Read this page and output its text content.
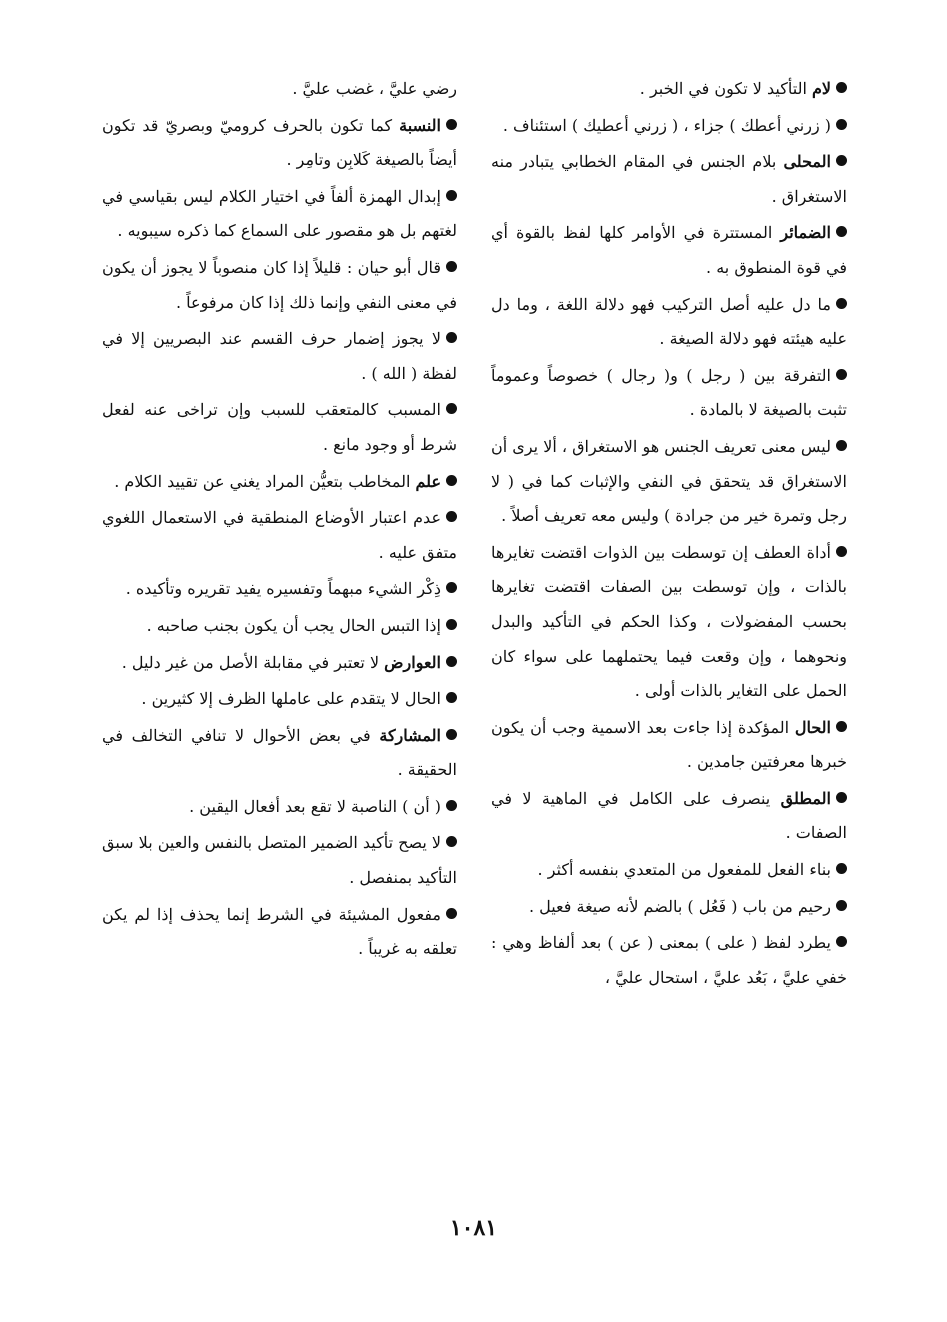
لام التأكيد لا تكون في الخبر .

( زرني أعطك ) جزاء ، ( زرني أعطيك ) استئناف .

المحلى بلام الجنس في المقام الخطابي يتبادر منه الاستغراق .

الضمائر المستترة في الأوامر كلها لفظ بالقوة أي في قوة المنطوق به .

ما دل عليه أصل التركيب فهو دلالة اللغة ، وما دل عليه هيئته فهو دلالة الصيغة .

التفرقة بين ( رجل ) و( رجال ) خصوصاً وعموماً تثبت بالصيغة لا بالمادة .

ليس معنى تعريف الجنس هو الاستغراق ، ألا يرى أن الاستغراق قد يتحقق في النفي والإثبات كما في ( لا رجل وتمرة خير من جرادة ) وليس معه تعريف أصلاً .

أداة العطف إن توسطت بين الذوات اقتضت تغايرها بالذات ، وإن توسطت بين الصفات اقتضت تغايرها بحسب المفضولات ، وكذا الحكم في التأكيد والبدل ونحوهما ، وإن وقعت فيما يحتملهما على سواء كان الحمل على التغاير بالذات أولى .

الحال المؤكدة إذا جاءت بعد الاسمية وجب أن يكون خبرها معرفتين جامدين .

المطلق ينصرف على الكامل في الماهية لا في الصفات .

بناء الفعل للمفعول من المتعدي بنفسه أكثر .

رحيم من باب ( فَعُل ) بالضم لأنه صيغة فعيل .

يطرد لفظ ( على ) بمعنى ( عن ) بعد ألفاظ وهي : خفي عليَّ ، بَعُد عليَّ ، استحال عليَّ ،

رضي عليَّ ، غضب عليَّ .

النسبة كما تكون بالحرف كروميّ وبصريّ قد تكون أيضاً بالصيغة كَلابِن وتامِر .

إبدال الهمزة ألفاً في اختيار الكلام ليس بقياسي في لغتهم بل هو مقصور على السماع كما ذكره سيبويه .

قال أبو حيان : قليلاً إذا كان منصوباً لا يجوز أن يكون في معنى النفي وإنما ذلك إذا كان مرفوعاً .

لا يجوز إضمار حرف القسم عند البصريين إلا في لفظة ( الله ) .

المسبب كالمتعقب للسبب وإن تراخى عنه لفعل شرط أو وجود مانع .

علم المخاطب بتعيُّن المراد يغني عن تقييد الكلام .

عدم اعتبار الأوضاع المنطقية في الاستعمال اللغوي متفق عليه .

ذِكْر الشيء مبهماً وتفسيره يفيد تقريره وتأكيده .

إذا التبس الحال يجب أن يكون بجنب صاحبه .

العوارض لا تعتبر في مقابلة الأصل من غير دليل .

الحال لا يتقدم على عاملها الظرف إلا كثيرين .

المشاركة في بعض الأحوال لا تنافي التخالف في الحقيقة .

( أن ) الناصبة لا تقع بعد أفعال اليقين .

لا يصح تأكيد الضمير المتصل بالنفس والعين بلا سبق التأكيد بمنفصل .

مفعول المشيئة في الشرط إنما يحذف إذا لم يكن تعلقه به غريباً .

١٠٨١
